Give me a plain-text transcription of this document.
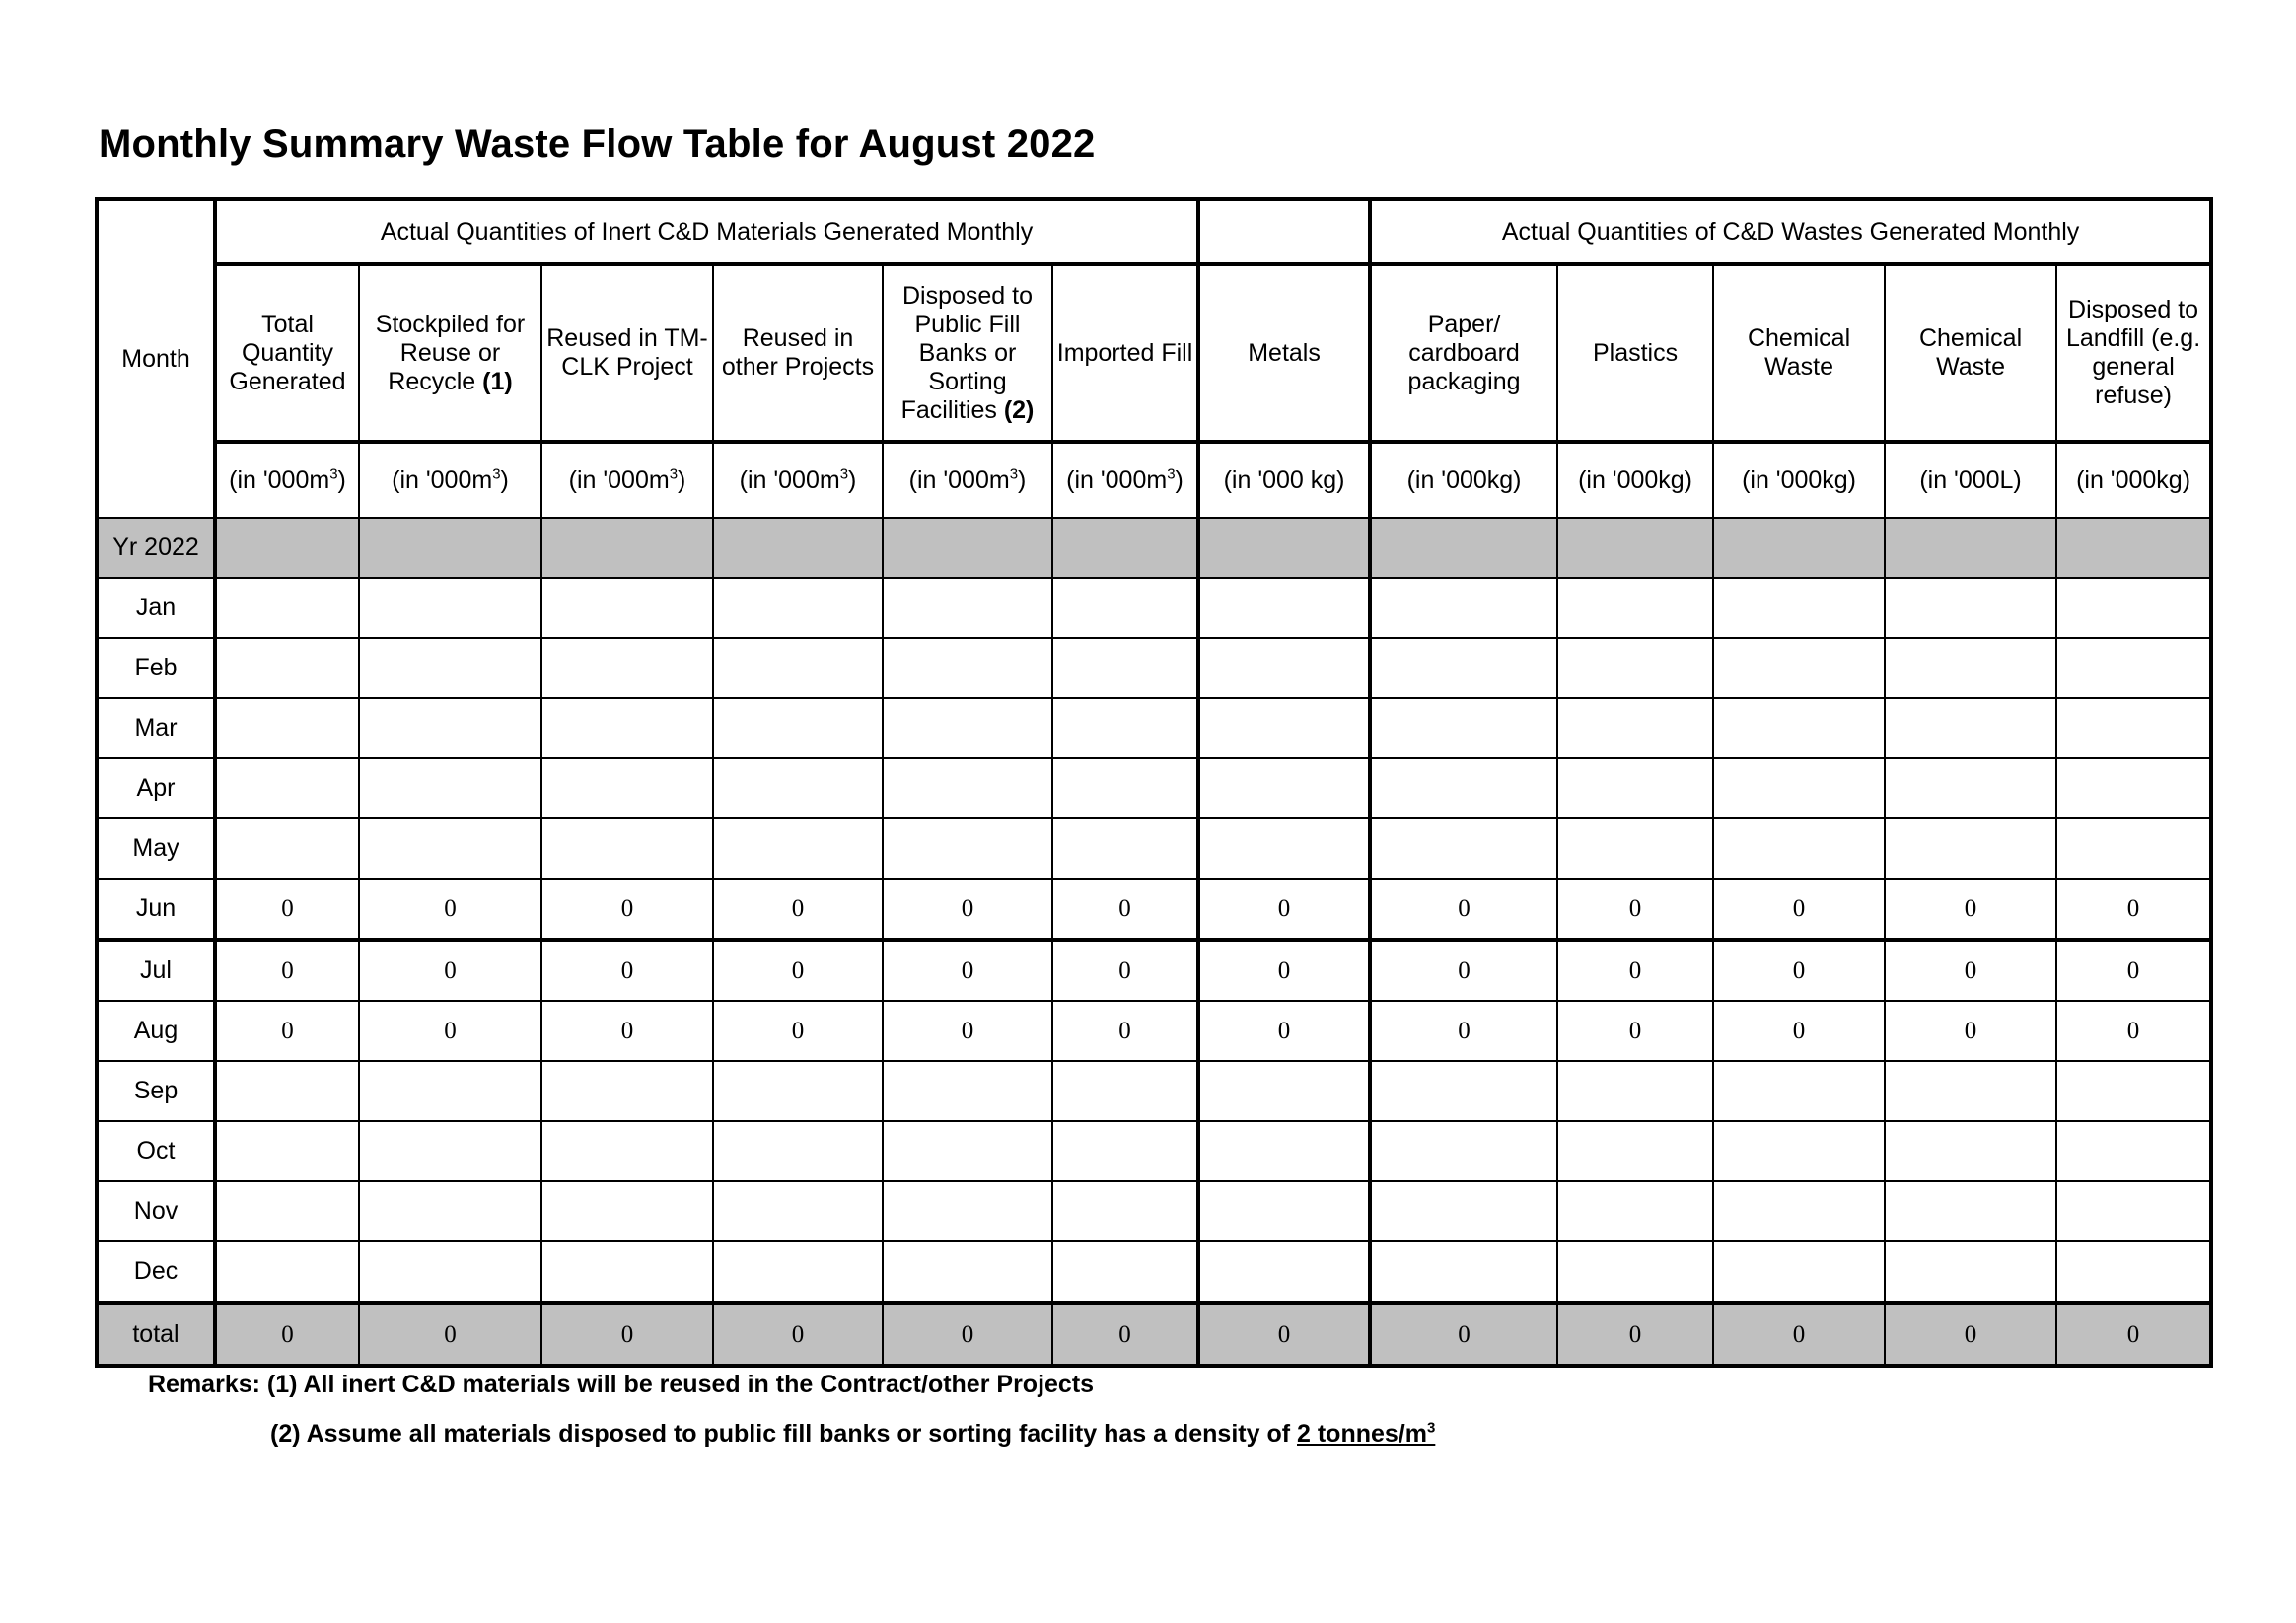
Monthly Summary Waste Flow Table for August 2022
Month	Actual Quantities of Inert C&D Materials Generated Monthly							Actual Quantities of C&D Wastes Generated Monthly				
	Total Quantity Generated	Stockpiled for Reuse or Recycle (1)	Reused in TM-CLK Project	Reused in other Projects	Disposed to Public Fill Banks or Sorting Facilities (2)	Imported Fill	Metals	Paper/ cardboard packaging	Plastics	Chemical Waste	Chemical Waste	Disposed to Landfill (e.g. general refuse)
	(in '$000m^3$)	(in '$000m^3$)	(in '$000m^3$)	(in '$000m^3$)	(in '$000m^3$)	(in '$000m^3$)	(in '000 kg)	(in '000kg)	(in '000kg)	(in '000kg)	(in '000L)	(in '000kg)
Yr 2022												
Jan												
Feb												
Mar												
Apr												
May												
Jun	0	0	0	0	0	0	0	0	0	0	0	0
Jul	0	0	0	0	0	0	0	0	0	0	0	0
Aug	0	0	0	0	0	0	0	0	0	0	0	0
Sep												
Oct												
Nov												
Dec												
total	0	0	0	0	0	0	0	0	0	0	0	0
Remarks: (1) All inert C&D materials will be reused in the Contract/other Projects
(2) Assume all materials disposed to public fill banks or sorting facility has a density of 2 tonnes/$m^3$
